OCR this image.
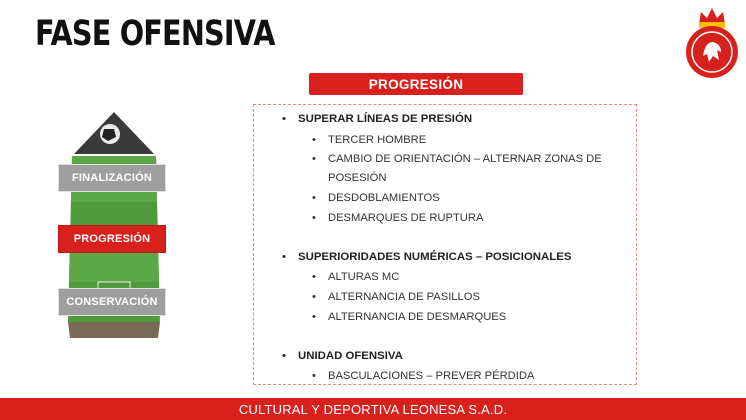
FASE OFENSIVA
PROGRESIÓN
FINALIZACIÓN
PROGRESIÓN
CONSERVACIÓN
• SUPERAR LÍNEAS DE PRESIÓN
• TERCER HOMBRE
• CAMBIO DE ORIENTACIÓN – ALTERNAR ZONAS DE
POSESIÓN
• DESDOBLAMIENTOS
• DESMARQUES DE RUPTURA
• SUPERIORIDADES NUMÉRICAS – POSICIONALES
• ALTURAS MC
• ALTERNANCIA DE PASILLOS
• ALTERNANCIA DE DESMARQUES
• UNIDAD OFENSIVA
• BASCULACIONES – PREVER PÉRDIDA
CULTURAL Y DEPORTIVA LEONESA S.A.D.
